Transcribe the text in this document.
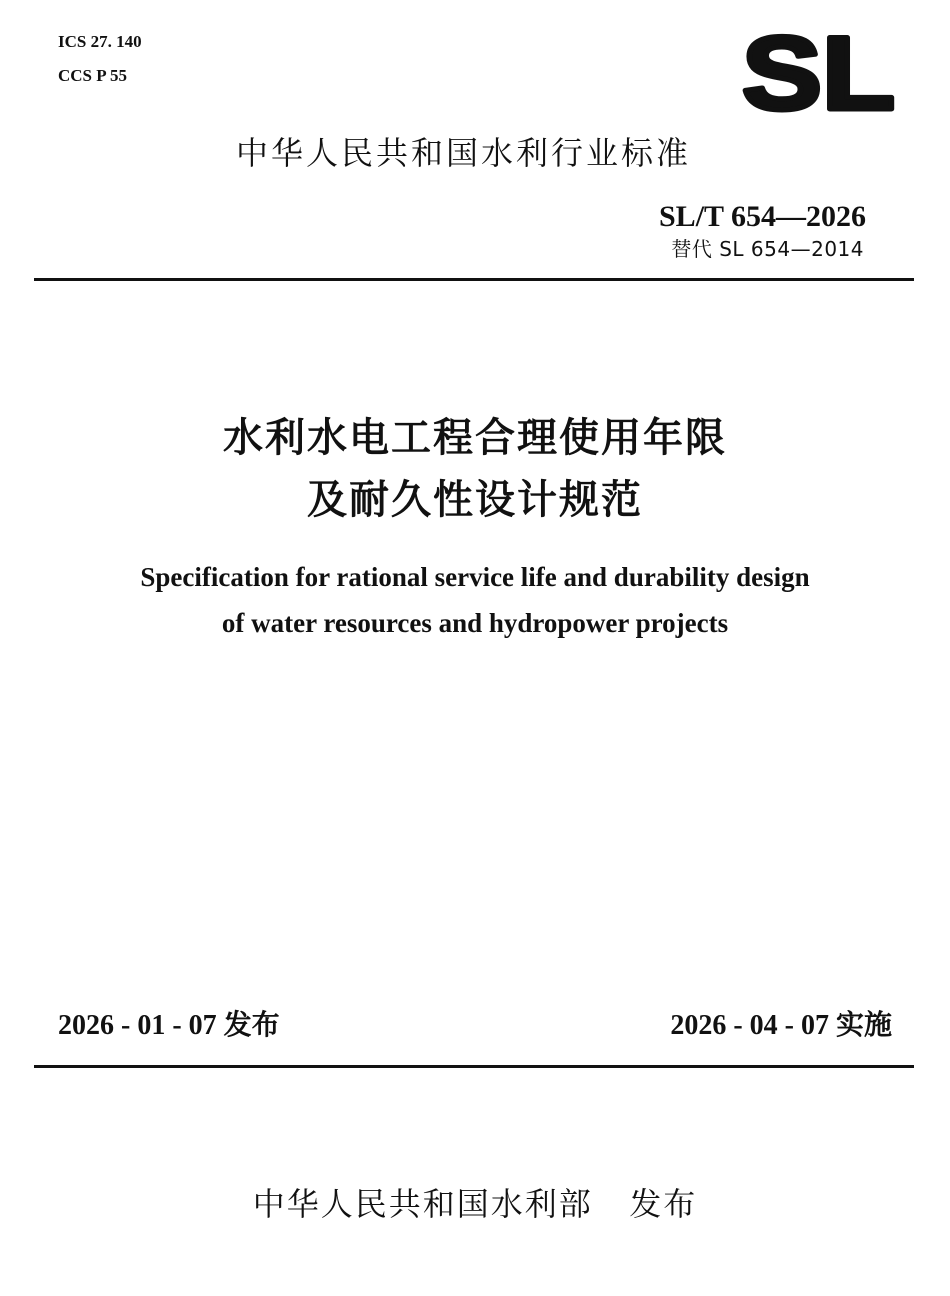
ICS 27. 140
CCS P 55	SL
中华人民共和国水利行业标准
SL/T 654—2026
替代 SL 654—2014
水利水电工程合理使用年限
及耐久性设计规范
Specification for rational service life and durability design
of water resources and hydropower projects
2026 - 01 - 07 发布	2026 - 04 - 07 实施
中华人民共和国水利部   发布
